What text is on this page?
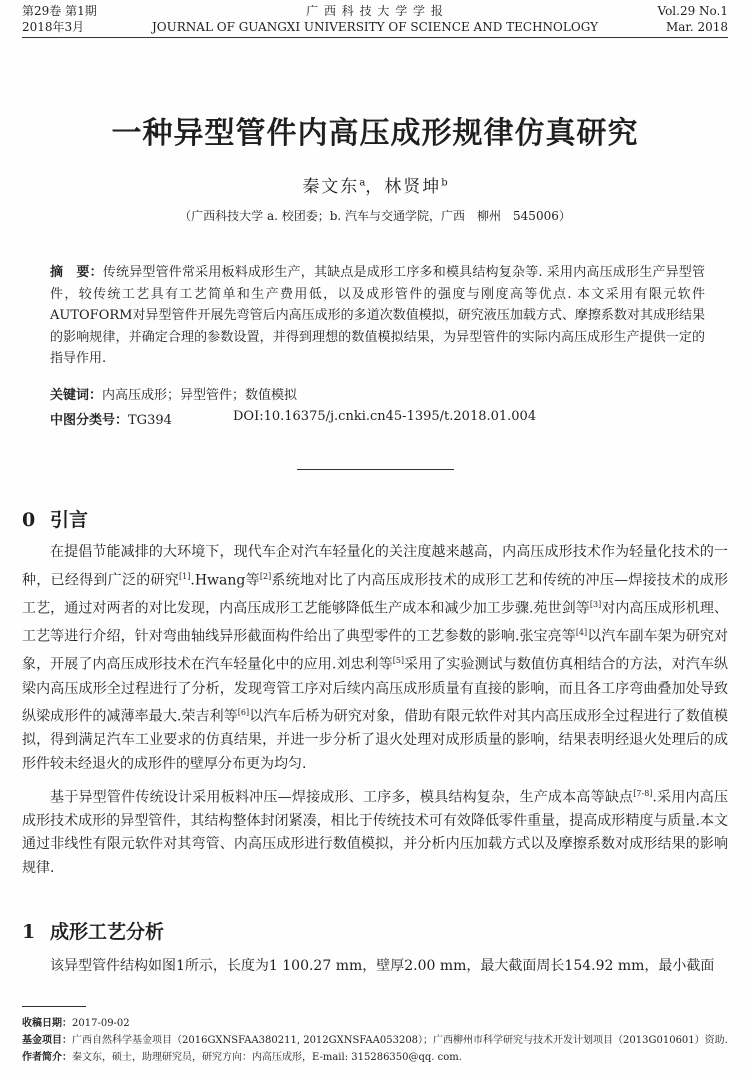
第29卷 第1期
2018年3月
广 西 科 技 大 学 学 报
JOURNAL OF GUANGXI UNIVERSITY OF SCIENCE AND TECHNOLOGY
Vol.29 No.1
Mar. 2018
一种异型管件内高压成形规律仿真研究
秦文东$^a$，林贤坤$^b$
（广西科技大学 a. 校团委；b. 汽车与交通学院，广西　柳州　545006）
摘　要：传统异型管件常采用板料成形生产，其缺点是成形工序多和模具结构复杂等. 采用内高压成形生产异型管件，较传统工艺具有工艺简单和生产费用低，以及成形管件的强度与刚度高等优点. 本文采用有限元软件AUTOFORM对异型管件开展先弯管后内高压成形的多道次数值模拟，研究液压加载方式、摩擦系数对其成形结果的影响规律，并确定合理的参数设置，并得到理想的数值模拟结果，为异型管件的实际内高压成形生产提供一定的指导作用.
关键词：内高压成形；异型管件；数值模拟
中图分类号：TG394	DOI:10.16375/j.cnki.cn45-1395/t.2018.01.004
0 引言

在提倡节能减排的大环境下，现代车企对汽车轻量化的关注度越来越高，内高压成形技术作为轻量化技术的一种，已经得到广泛的研究[1].Hwang等[2]系统地对比了内高压成形技术的成形工艺和传统的冲压—焊接技术的成形工艺，通过对两者的对比发现，内高压成形工艺能够降低生产成本和减少加工步骤.苑世剑等[3]对内高压成形机理、工艺等进行介绍，针对弯曲轴线异形截面构件给出了典型零件的工艺参数的影响.张宝亮等[4]以汽车副车架为研究对象，开展了内高压成形技术在汽车轻量化中的应用.刘忠利等[5]采用了实验测试与数值仿真相结合的方法，对汽车纵梁内高压成形全过程进行了分析，发现弯管工序对后续内高压成形质量有直接的影响，而且各工序弯曲叠加处导致纵梁成形件的减薄率最大.荣吉利等[6]以汽车后桥为研究对象，借助有限元软件对其内高压成形全过程进行了数值模拟，得到满足汽车工业要求的仿真结果，并进一步分析了退火处理对成形质量的影响，结果表明经退火处理后的成形件较未经退火的成形件的壁厚分布更为均匀.

基于异型管件传统设计采用板料冲压—焊接成形、工序多，模具结构复杂，生产成本高等缺点[7-8].采用内高压成形技术成形的异型管件，其结构整体封闭紧凑，相比于传统技术可有效降低零件重量，提高成形精度与质量.本文通过非线性有限元软件对其弯管、内高压成形进行数值模拟，并分析内压加载方式以及摩擦系数对成形结果的影响规律.

1 成形工艺分析

该异型管件结构如图1所示，长度为1 100.27 mm，壁厚2.00 mm，最大截面周长154.92 mm，最小截面

收稿日期：2017-09-02
基金项目：广西自然科学基金项目（2016GXNSFAA380211, 2012GXNSFAA053208）；广西柳州市科学研究与技术开发计划项目（2013G010601）资助.
作者简介：秦文东，硕士，助理研究员，研究方向：内高压成形，E-mail: 315286350@qq. com.
